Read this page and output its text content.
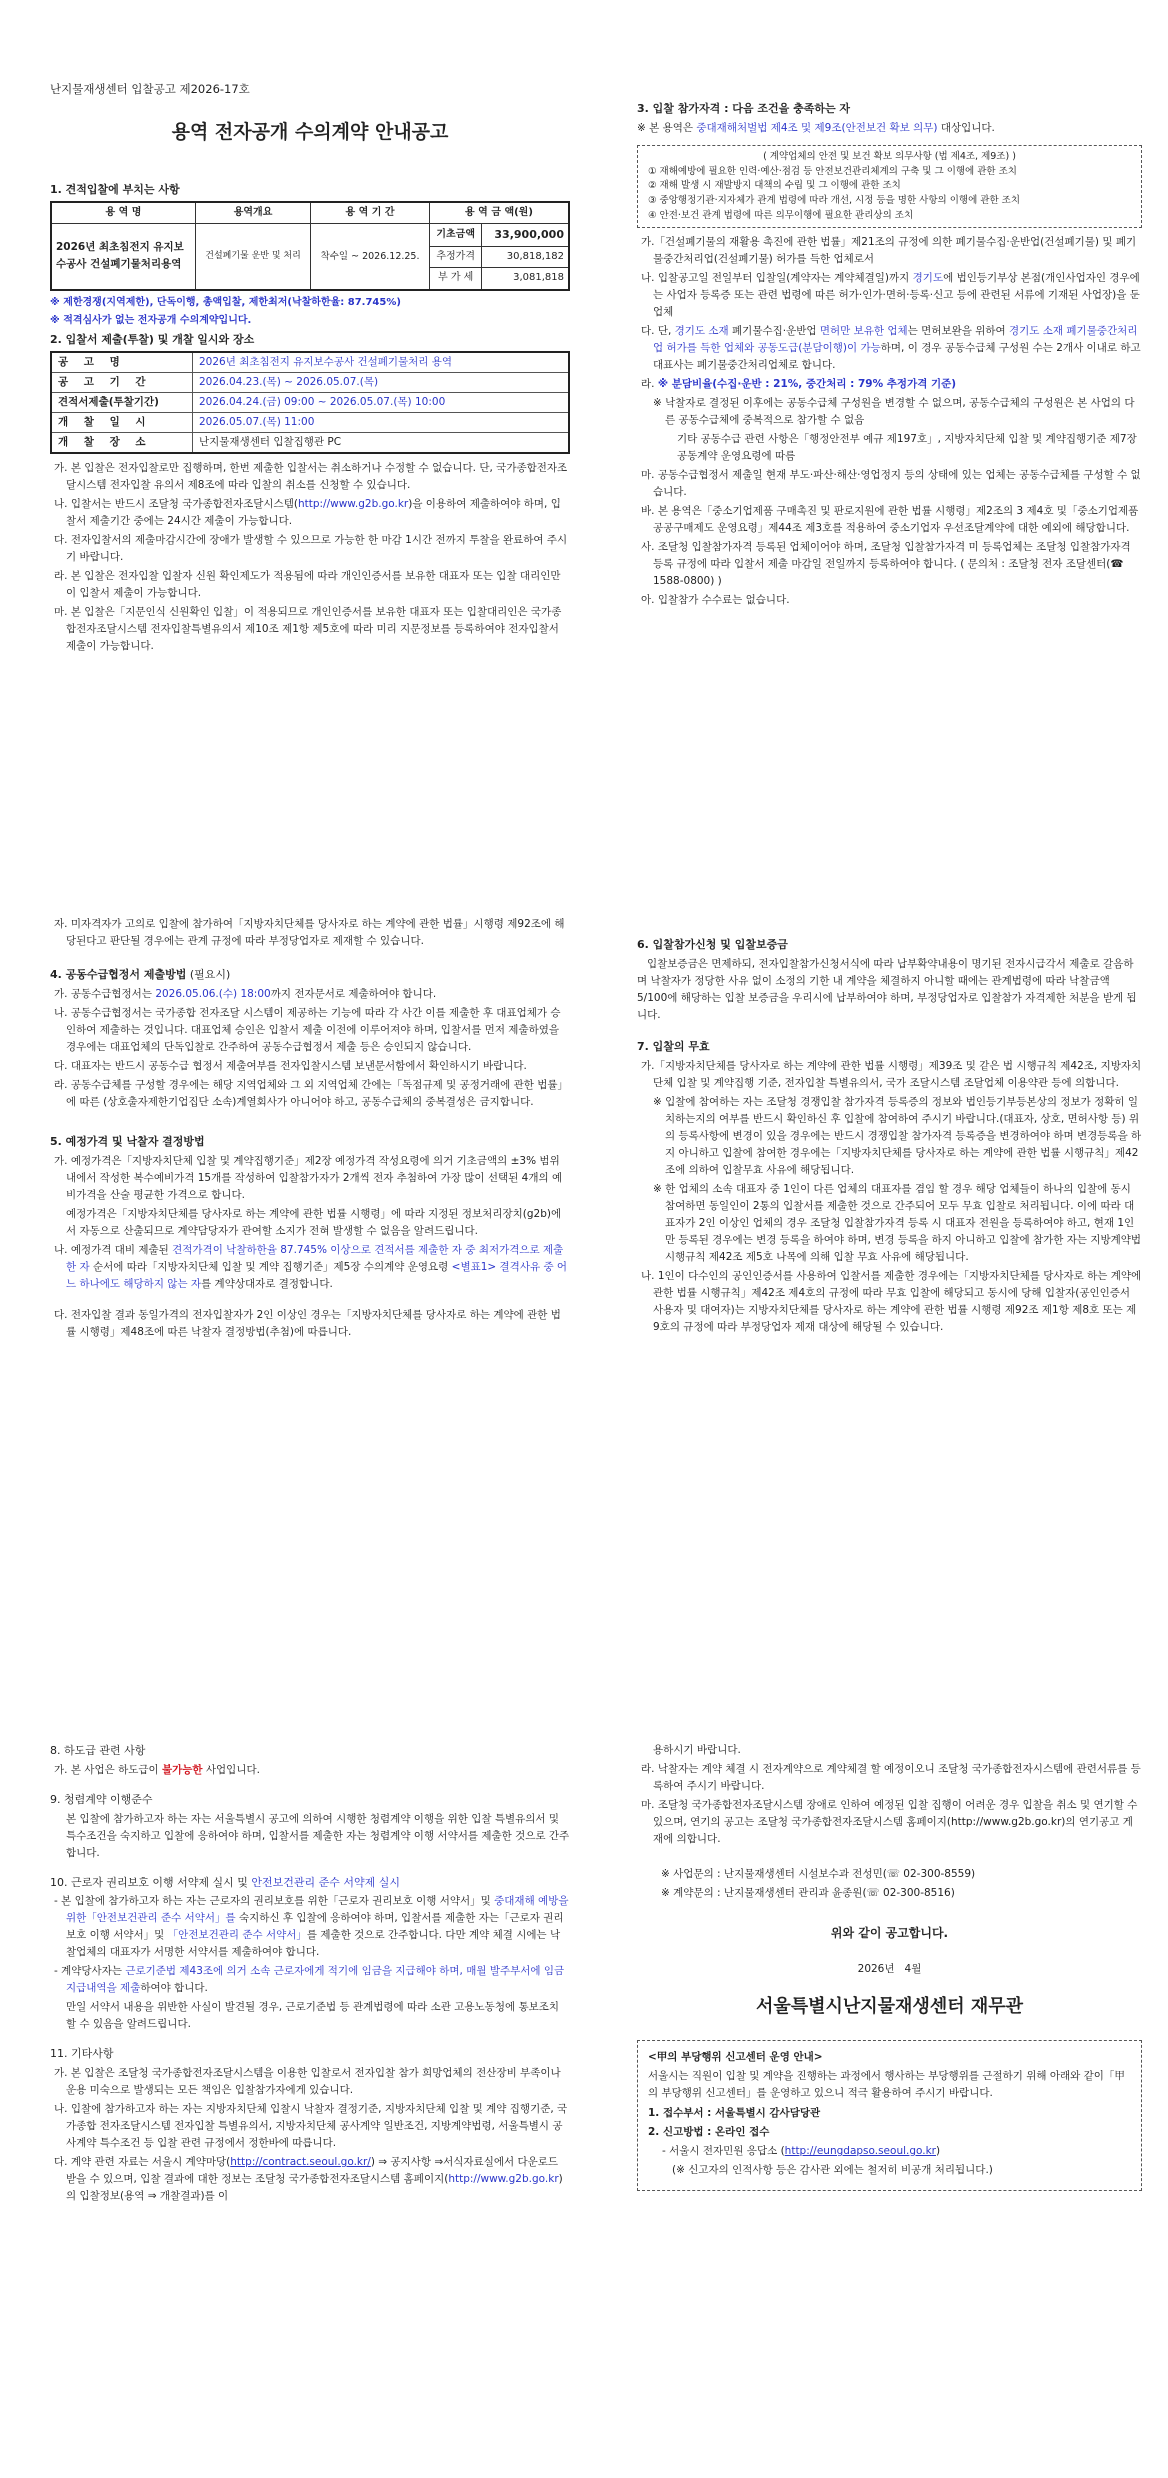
난지물재생센터 입찰공고 제2026-17호

용역 전자공개 수의계약 안내공고

1. 견적입찰에 부치는 사항

용 역 명	용역개요	용 역 기 간	용 역 금 액(원)	
2026년 최초침전지 유지보수공사 건설폐기물처리용역	건설폐기물 운반 및 처리	착수일 ~ 2026.12.25.	기초금액	33,900,000
			추정가격	30,818,182
			부 가 세	3,081,818

※ 제한경쟁(지역제한), 단독이행, 총액입찰, 제한최저(낙찰하한율: 87.745%)

※ 적격심사가 없는 전자공개 수의계약입니다.

2. 입찰서 제출(투찰) 및 개찰 일시와 장소

공 고 명	2026년 최초침전지 유지보수공사 건설폐기물처리 용역
공 고 기 간	2026.04.23.(목) ~ 2026.05.07.(목)
견적서제출(투찰기간)	2026.04.24.(금) 09:00 ~ 2026.05.07.(목) 10:00
개 찰 일 시	2026.05.07.(목) 11:00
개 찰 장 소	난지물재생센터 입찰집행관 PC

가. 본 입찰은 전자입찰로만 집행하며, 한번 제출한 입찰서는 취소하거나 수정할 수 없습니다. 단, 국가종합전자조달시스템 전자입찰 유의서 제8조에 따라 입찰의 취소를 신청할 수 있습니다.

나. 입찰서는 반드시 조달청 국가종합전자조달시스템(http://www.g2b.go.kr)을 이용하여 제출하여야 하며, 입찰서 제출기간 중에는 24시간 제출이 가능합니다.

다. 전자입찰서의 제출마감시간에 장애가 발생할 수 있으므로 가능한 한 마감 1시간 전까지 투찰을 완료하여 주시기 바랍니다.

라. 본 입찰은 전자입찰 입찰자 신원 확인제도가 적용됨에 따라 개인인증서를 보유한 대표자 또는 입찰 대리인만이 입찰서 제출이 가능합니다.

마. 본 입찰은「지문인식 신원확인 입찰」이 적용되므로 개인인증서를 보유한 대표자 또는 입찰대리인은 국가종합전자조달시스템 전자입찰특별유의서 제10조 제1항 제5호에 따라 미리 지문정보를 등록하여야 전자입찰서 제출이 가능합니다.

3. 입찰 참가자격 : 다음 조건을 충족하는 자

※ 본 용역은 중대재해처벌법 제4조 및 제9조(안전보건 확보 의무) 대상입니다.

( 계약업체의 안전 및 보건 확보 의무사항 (법 제4조, 제9조) )
① 재해예방에 필요한 인력·예산·점검 등 안전보건관리체계의 구축 및 그 이행에 관한 조치
② 재해 발생 시 재발방지 대책의 수립 및 그 이행에 관한 조치
③ 중앙행정기관·지자체가 관계 법령에 따라 개선, 시정 등을 명한 사항의 이행에 관한 조치
④ 안전·보건 관계 법령에 따른 의무이행에 필요한 관리상의 조치

가.「건설폐기물의 재활용 촉진에 관한 법률」제21조의 규정에 의한 폐기물수집·운반업(건설폐기물) 및 폐기물중간처리업(건설폐기물) 허가를 득한 업체로서

나. 입찰공고일 전일부터 입찰일(계약자는 계약체결일)까지 경기도에 법인등기부상 본점(개인사업자인 경우에는 사업자 등록증 또는 관련 법령에 따른 허가·인가·면허·등록·신고 등에 관련된 서류에 기재된 사업장)을 둔 업체

다. 단, 경기도 소재 폐기물수집·운반업 면허만 보유한 업체는 면허보완을 위하여 경기도 소재 폐기물중간처리업 허가를 득한 업체와 공동도급(분담이행)이 가능하며, 이 경우 공동수급체 구성원 수는 2개사 이내로 하고 대표사는 폐기물중간처리업체로 합니다.

라. ※ 분담비율(수집·운반 : 21%, 중간처리 : 79% 추정가격 기준)

※ 낙찰자로 결정된 이후에는 공동수급체 구성원을 변경할 수 없으며, 공동수급체의 구성원은 본 사업의 다른 공동수급체에 중복적으로 참가할 수 없음

기타 공동수급 관련 사항은「행정안전부 예규 제197호」, 지방자치단체 입찰 및 계약집행기준 제7장 공동계약 운영요령에 따름

마. 공동수급협정서 제출일 현재 부도·파산·해산·영업정지 등의 상태에 있는 업체는 공동수급체를 구성할 수 없습니다.

바. 본 용역은「중소기업제품 구매촉진 및 판로지원에 관한 법률 시행령」제2조의 3 제4호 및「중소기업제품 공공구매제도 운영요령」제44조 제3호를 적용하여 중소기업자 우선조달계약에 대한 예외에 해당합니다.

사. 조달청 입찰참가자격 등록된 업체이어야 하며, 조달청 입찰참가자격 미 등록업체는 조달청 입찰참가자격 등록 규정에 따라 입찰서 제출 마감일 전일까지 등록하여야 합니다. ( 문의처 : 조달청 전자 조달센터(☎ 1588-0800) )

아. 입찰참가 수수료는 없습니다.

자. 미자격자가 고의로 입찰에 참가하여「지방자치단체를 당사자로 하는 계약에 관한 법률」시행령 제92조에 해당된다고 판단될 경우에는 관계 규정에 따라 부정당업자로 제재할 수 있습니다.

4. 공동수급협정서 제출방법 (필요시)

가. 공동수급협정서는 2026.05.06.(수) 18:00까지 전자문서로 제출하여야 합니다.

나. 공동수급협정서는 국가종합 전자조달 시스템이 제공하는 기능에 따라 각 사간 이를 제출한 후 대표업체가 승인하여 제출하는 것입니다. 대표업체 승인은 입찰서 제출 이전에 이루어져야 하며, 입찰서를 먼저 제출하였을 경우에는 대표업체의 단독입찰로 간주하여 공동수급협정서 제출 등은 승인되지 않습니다.

다. 대표자는 반드시 공동수급 협정서 제출여부를 전자입찰시스템 보낸문서함에서 확인하시기 바랍니다.

라. 공동수급체를 구성할 경우에는 해당 지역업체와 그 외 지역업체 간에는「독점규제 및 공정거래에 관한 법률」에 따른 (상호출자제한기업집단 소속)계열회사가 아니어야 하고, 공동수급체의 중복결성은 금지합니다.

5. 예정가격 및 낙찰자 결정방법

가. 예정가격은「지방자치단체 입찰 및 계약집행기준」제2장 예정가격 작성요령에 의거 기초금액의 ±3% 범위 내에서 작성한 복수예비가격 15개를 작성하여 입찰참가자가 2개씩 전자 추첨하여 가장 많이 선택된 4개의 예비가격을 산술 평균한 가격으로 합니다.

예정가격은「지방자치단체를 당사자로 하는 계약에 관한 법률 시행령」에 따라 지정된 정보처리장치(g2b)에서 자동으로 산출되므로 계약담당자가 관여할 소지가 전혀 발생할 수 없음을 알려드립니다.

나. 예정가격 대비 제출된 견적가격이 낙찰하한율 87.745% 이상으로 견적서를 제출한 자 중 최저가격으로 제출한 자 순서에 따라「지방자치단체 입찰 및 계약 집행기준」제5장 수의계약 운영요령 <별표1> 결격사유 중 어느 하나에도 해당하지 않는 자를 계약상대자로 결정합니다.

다. 전자입찰 결과 동일가격의 전자입찰자가 2인 이상인 경우는「지방자치단체를 당사자로 하는 계약에 관한 법률 시행령」제48조에 따른 낙찰자 결정방법(추첨)에 따릅니다.

6. 입찰참가신청 및 입찰보증금

입찰보증금은 면제하되, 전자입찰참가신청서식에 따라 납부확약내용이 명기된 전자시급각서 제출로 갈음하며 낙찰자가 정당한 사유 없이 소정의 기한 내 계약을 체결하지 아니할 때에는 관계법령에 따라 낙찰금액 5/100에 해당하는 입찰 보증금을 우리시에 납부하여야 하며, 부정당업자로 입찰참가 자격제한 처분을 받게 됩니다.

7. 입찰의 무효

가.「지방자치단체를 당사자로 하는 계약에 관한 법률 시행령」제39조 및 같은 법 시행규칙 제42조, 지방자치단체 입찰 및 계약집행 기준, 전자입찰 특별유의서, 국가 조달시스템 조달업체 이용약관 등에 의합니다.

※ 입찰에 참여하는 자는 조달청 경쟁입찰 참가자격 등록증의 정보와 법인등기부등본상의 정보가 정확히 일치하는지의 여부를 반드시 확인하신 후 입찰에 참여하여 주시기 바랍니다.(대표자, 상호, 면허사항 등) 위의 등록사항에 변경이 있을 경우에는 반드시 경쟁입찰 참가자격 등록증을 변경하여야 하며 변경등록을 하지 아니하고 입찰에 참여한 경우에는「지방자치단체를 당사자로 하는 계약에 관한 법률 시행규칙」제42조에 의하여 입찰무효 사유에 해당됩니다.

※ 한 업체의 소속 대표자 중 1인이 다른 업체의 대표자를 겸임 할 경우 해당 업체들이 하나의 입찰에 동시 참여하면 동일인이 2통의 입찰서를 제출한 것으로 간주되어 모두 무효 입찰로 처리됩니다. 이에 따라 대표자가 2인 이상인 업체의 경우 조달청 입찰참가자격 등록 시 대표자 전원을 등록하여야 하고, 현재 1인만 등록된 경우에는 변경 등록을 하여야 하며, 변경 등록을 하지 아니하고 입찰에 참가한 자는 지방계약법 시행규칙 제42조 제5호 나목에 의해 입찰 무효 사유에 해당됩니다.

나. 1인이 다수인의 공인인증서를 사용하여 입찰서를 제출한 경우에는「지방자치단체를 당사자로 하는 계약에 관한 법률 시행규칙」제42조 제4호의 규정에 따라 무효 입찰에 해당되고 동시에 당해 입찰자(공인인증서 사용자 및 대여자)는 지방자치단체를 당사자로 하는 계약에 관한 법률 시행령 제92조 제1항 제8호 또는 제9호의 규정에 따라 부정당업자 제재 대상에 해당될 수 있습니다.

8. 하도급 관련 사항

가. 본 사업은 하도급이 불가능한 사업입니다.

9. 청렴계약 이행준수

본 입찰에 참가하고자 하는 자는 서울특별시 공고에 의하여 시행한 청렴계약 이행을 위한 입찰 특별유의서 및 특수조건을 숙지하고 입찰에 응하여야 하며, 입찰서를 제출한 자는 청렴계약 이행 서약서를 제출한 것으로 간주합니다.

10. 근로자 권리보호 이행 서약제 실시 및 안전보건관리 준수 서약제 실시

- 본 입찰에 참가하고자 하는 자는 근로자의 권리보호를 위한「근로자 권리보호 이행 서약서」및 중대재해 예방을 위한「안전보건관리 준수 서약서」를 숙지하신 후 입찰에 응하여야 하며, 입찰서를 제출한 자는「근로자 권리보호 이행 서약서」및 「안전보건관리 준수 서약서」를 제출한 것으로 간주합니다. 다만 계약 체결 시에는 낙찰업체의 대표자가 서명한 서약서를 제출하여야 합니다.

- 계약당사자는 근로기준법 제43조에 의거 소속 근로자에게 적기에 임금을 지급해야 하며, 매월 발주부서에 임금 지급내역을 제출하여야 합니다.

만일 서약서 내용을 위반한 사실이 발견될 경우, 근로기준법 등 관계법령에 따라 소관 고용노동청에 통보조치 할 수 있음을 알려드립니다.

11. 기타사항

가. 본 입찰은 조달청 국가종합전자조달시스템을 이용한 입찰로서 전자입찰 참가 희망업체의 전산장비 부족이나 운용 미숙으로 발생되는 모든 책임은 입찰참가자에게 있습니다.

나. 입찰에 참가하고자 하는 자는 지방자치단체 입찰시 낙찰자 결정기준, 지방자치단체 입찰 및 계약 집행기준, 국가종합 전자조달시스템 전자입찰 특별유의서, 지방자치단체 공사계약 일반조건, 지방계약법령, 서울특별시 공사계약 특수조건 등 입찰 관련 규정에서 정한바에 따릅니다.

다. 계약 관련 자료는 서울시 계약마당(http://contract.seoul.go.kr/) ⇒ 공지사항 ⇒서식자료실에서 다운로드 받을 수 있으며, 입찰 결과에 대한 정보는 조달청 국가종합전자조달시스템 홈페이지(http://www.g2b.go.kr)의 입찰정보(용역 ⇒ 개찰결과)를 이

용하시기 바랍니다.

라. 낙찰자는 계약 체결 시 전자계약으로 계약체결 할 예정이오니 조달청 국가종합전자시스템에 관련서류를 등록하여 주시기 바랍니다.

마. 조달청 국가종합전자조달시스템 장애로 인하여 예정된 입찰 집행이 어려운 경우 입찰을 취소 및 연기할 수 있으며, 연기의 공고는 조달청 국가종합전자조달시스템 홈페이지(http://www.g2b.go.kr)의 연기공고 게재에 의합니다.

※ 사업문의 : 난지물재생센터 시설보수과 전성민(☏ 02-300-8559)

※ 계약문의 : 난지물재생센터 관리과 윤종원(☏ 02-300-8516)

위와 같이 공고합니다.

2026년   4월

서울특별시난지물재생센터 재무관

<甲의 부당행위 신고센터 운영 안내>

서울시는 직원이 입찰 및 계약을 진행하는 과정에서 행사하는 부당행위를 근절하기 위해 아래와 같이「甲의 부당행위 신고센터」를 운영하고 있으니 적극 활용하여 주시기 바랍니다.

1. 접수부서 : 서울특별시 감사담당관

2. 신고방법 : 온라인 접수

- 서울시 전자민원 응답소 (http://eungdapso.seoul.go.kr)

(※ 신고자의 인적사항 등은 감사관 외에는 철저히 비공개 처리됩니다.)
